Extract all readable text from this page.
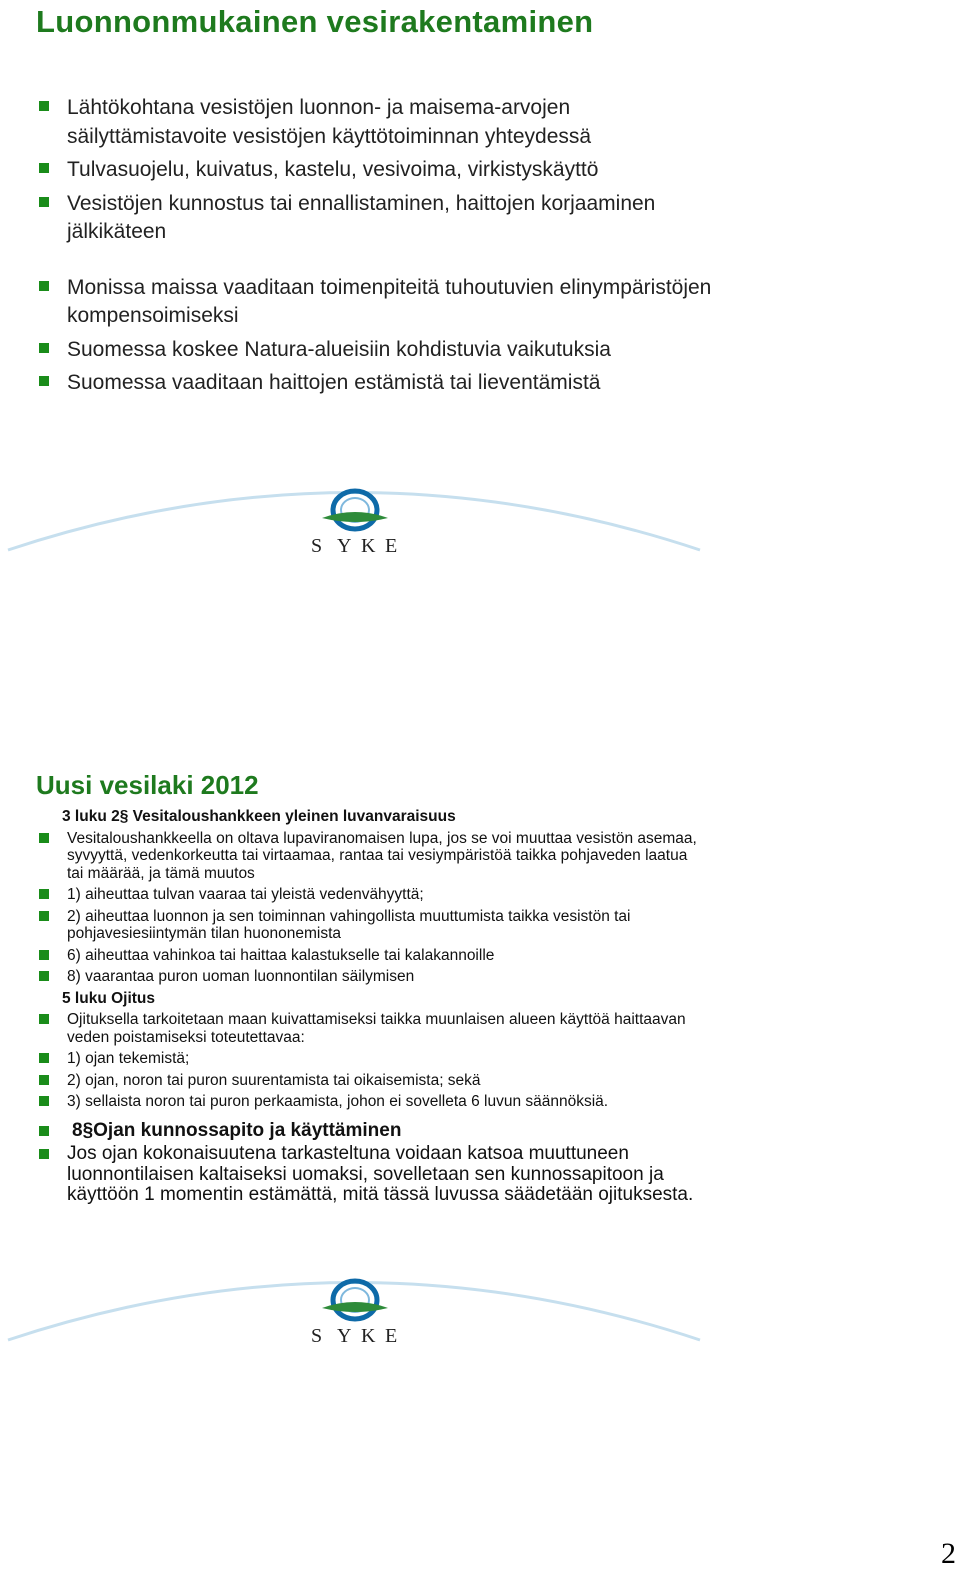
Luonnonmukainen vesirakentaminen
Lähtökohtana vesistöjen luonnon- ja maisema-arvojen säilyttämistavoite vesistöjen käyttötoiminnan yhteydessä
Tulvasuojelu, kuivatus, kastelu, vesivoima, virkistyskäyttö
Vesistöjen kunnostus tai ennallistaminen, haittojen korjaaminen jälkikäteen
Monissa maissa vaaditaan toimenpiteitä tuhoutuvien elinympäristöjen kompensoimiseksi
Suomessa koskee Natura-alueisiin kohdistuvia vaikutuksia
Suomessa vaaditaan haittojen estämistä tai lieventämistä
S Y K E
Uusi vesilaki 2012
3 luku 2§ Vesitaloushankkeen yleinen luvanvaraisuus
Vesitaloushankkeella on oltava lupaviranomaisen lupa, jos se voi muuttaa vesistön asemaa, syvyyttä, vedenkorkeutta tai virtaamaa, rantaa tai vesiympäristöä taikka pohjaveden laatua tai määrää, ja tämä muutos
1) aiheuttaa tulvan vaaraa tai yleistä vedenvähyyttä;
2) aiheuttaa luonnon ja sen toiminnan vahingollista muuttumista taikka vesistön tai pohjavesiesiintymän tilan huononemista
6) aiheuttaa vahinkoa tai haittaa kalastukselle tai kalakannoille
8) vaarantaa puron uoman luonnontilan säilymisen
5 luku Ojitus
Ojituksella tarkoitetaan maan kuivattamiseksi taikka muunlaisen alueen käyttöä haittaavan veden poistamiseksi toteutettavaa:
1) ojan tekemistä;
2) ojan, noron tai puron suurentamista tai oikaisemista; sekä
3) sellaista noron tai puron perkaamista, johon ei sovelleta 6 luvun säännöksiä.
8§Ojan kunnossapito ja käyttäminen
Jos ojan kokonaisuutena tarkasteltuna voidaan katsoa muuttuneen luonnontilaisen kaltaiseksi uomaksi, sovelletaan sen kunnossapitoon ja käyttöön 1 momentin estämättä, mitä tässä luvussa säädetään ojituksesta.
S Y K E
2
